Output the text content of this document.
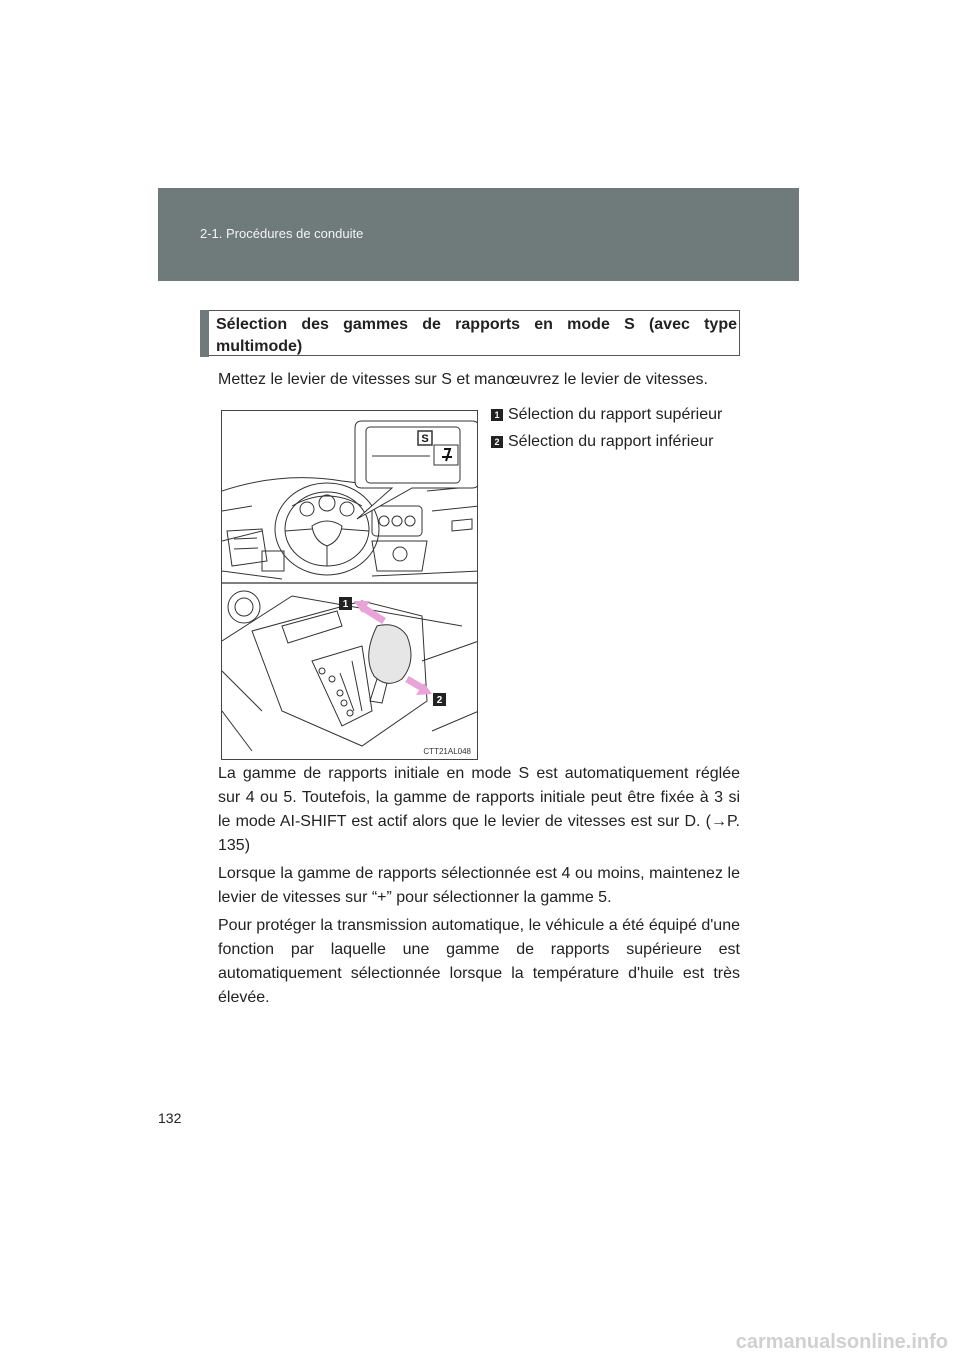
2-1. Procédures de conduite
Sélection des gammes de rapports en mode S (avec type multimode)
Mettez le levier de vitesses sur S et manœuvrez le levier de vitesses.
S
1
2
CTT21AL048
1 Sélection du rapport supérieur
2 Sélection du rapport inférieur
La gamme de rapports initiale en mode S est automatiquement réglée sur 4 ou 5. Toutefois, la gamme de rapports initiale peut être fixée à 3 si le mode AI-SHIFT est actif alors que le levier de vitesses est sur D. (→P. 135)
Lorsque la gamme de rapports sélectionnée est 4 ou moins, maintenez le levier de vitesses sur “+” pour sélectionner la gamme 5.
Pour protéger la transmission automatique, le véhicule a été équipé d'une fonction par laquelle une gamme de rapports supérieure est automatiquement sélectionnée lorsque la température d'huile est très élevée.
132
carmanualsonline.info
